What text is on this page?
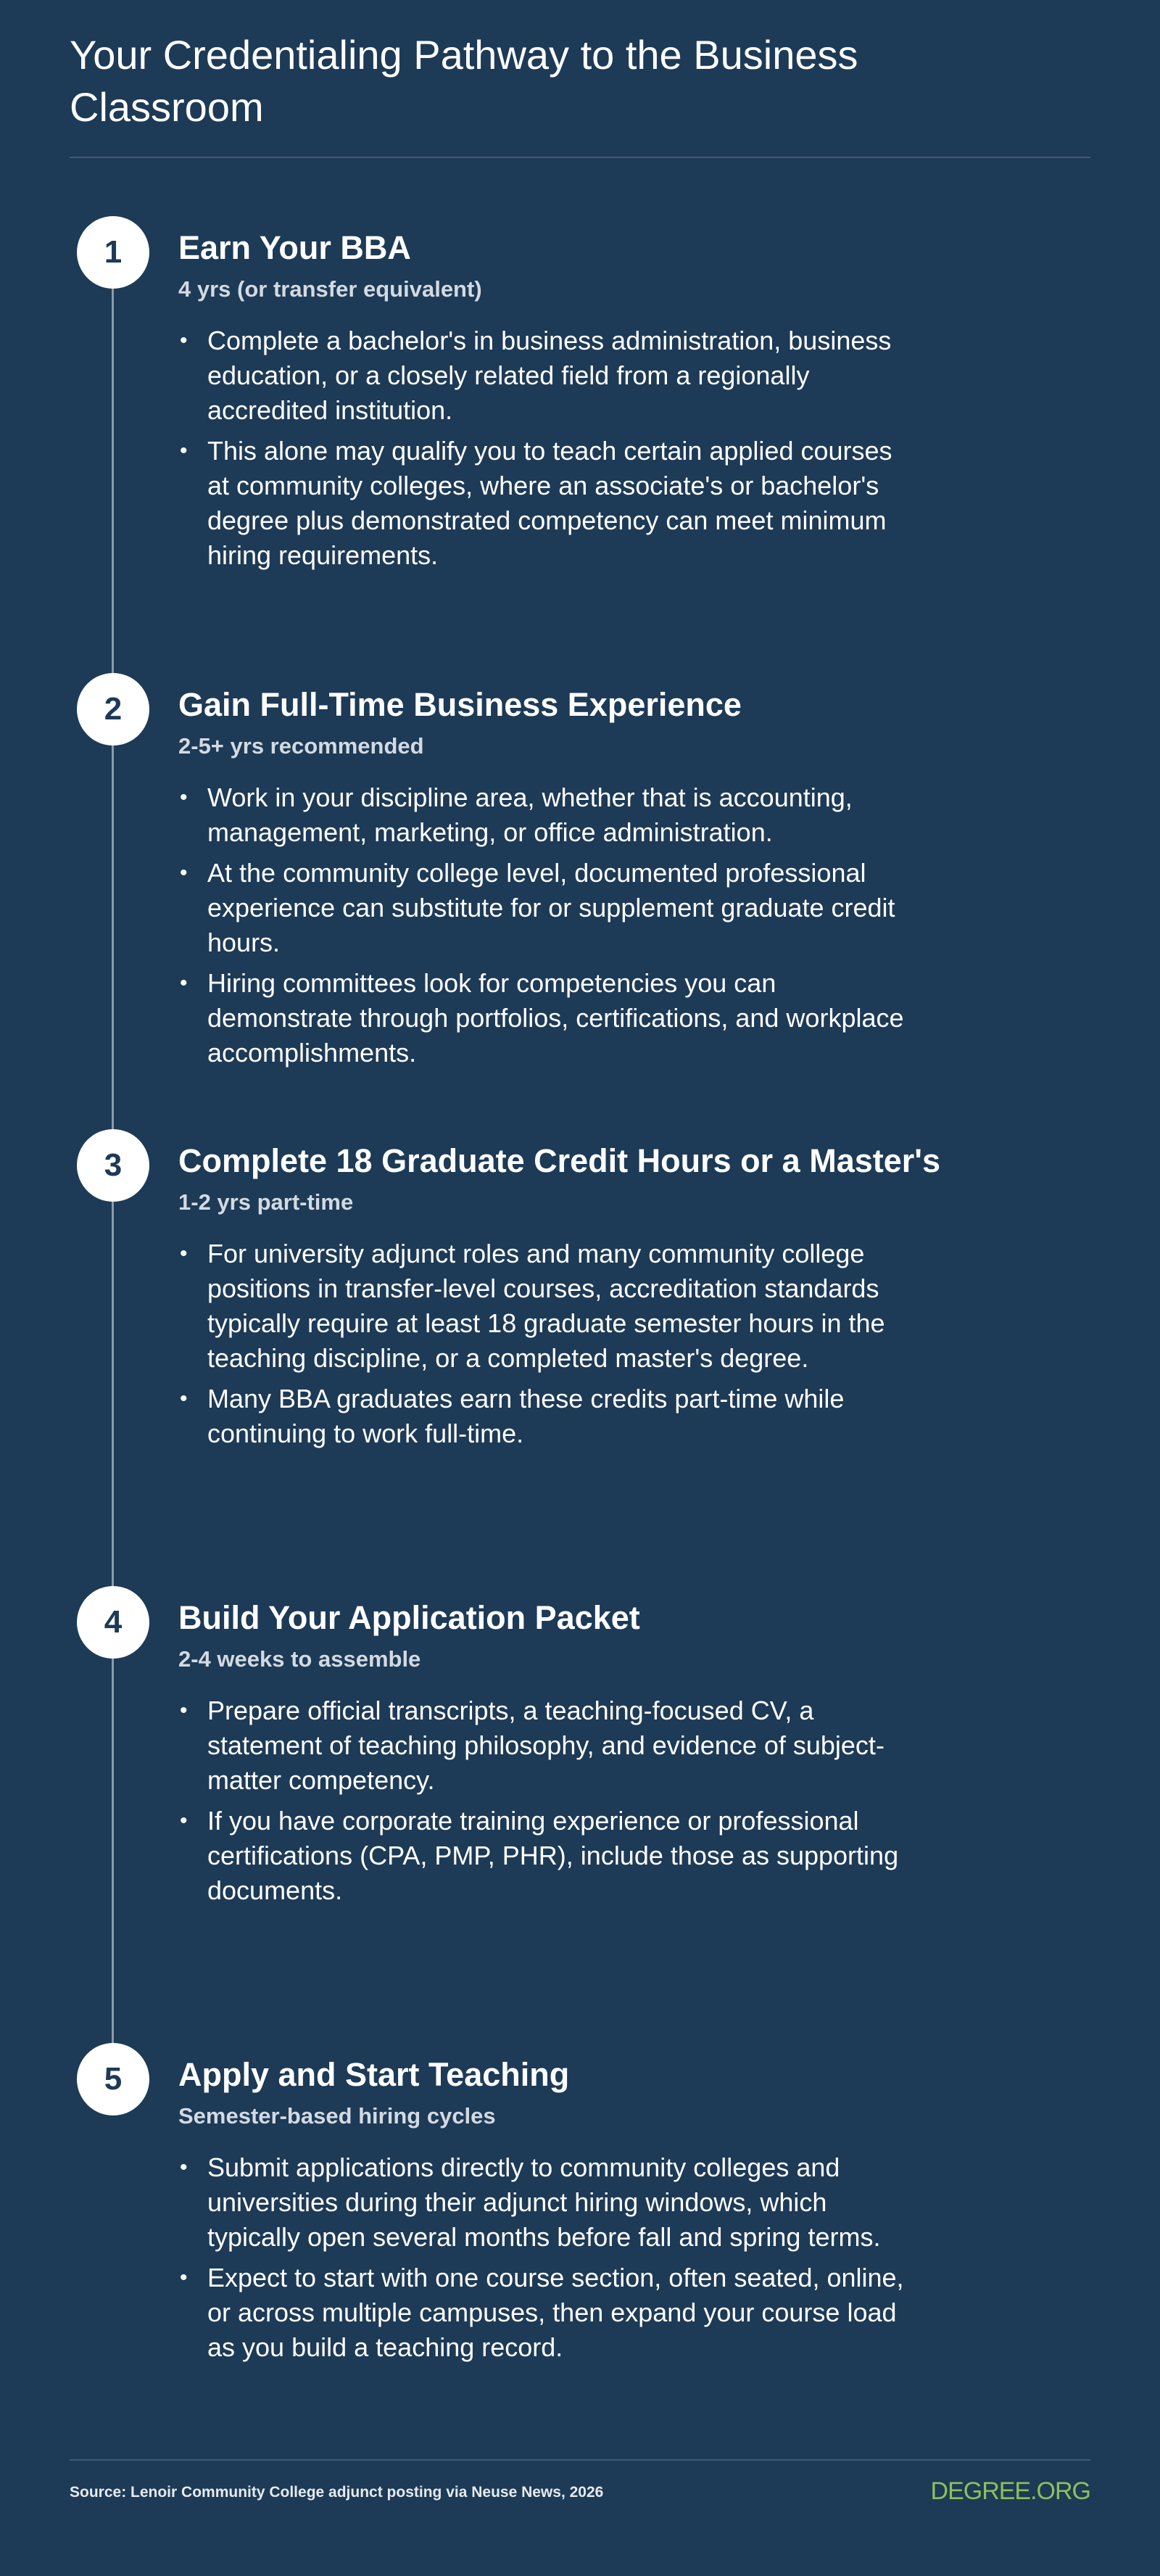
Your Credentialing Pathway to the Business Classroom
1	Earn Your BBA
4 yrs (or transfer equivalent)
• Complete a bachelor's in business administration, business education, or a closely related field from a regionally accredited institution.
• This alone may qualify you to teach certain applied courses at community colleges, where an associate's or bachelor's degree plus demonstrated competency can meet minimum hiring requirements.
2	Gain Full-Time Business Experience
2-5+ yrs recommended
• Work in your discipline area, whether that is accounting, management, marketing, or office administration.
• At the community college level, documented professional experience can substitute for or supplement graduate credit hours.
• Hiring committees look for competencies you can demonstrate through portfolios, certifications, and workplace accomplishments.
3	Complete 18 Graduate Credit Hours or a Master's
1-2 yrs part-time
• For university adjunct roles and many community college positions in transfer-level courses, accreditation standards typically require at least 18 graduate semester hours in the teaching discipline, or a completed master's degree.
• Many BBA graduates earn these credits part-time while continuing to work full-time.
4	Build Your Application Packet
2-4 weeks to assemble
• Prepare official transcripts, a teaching-focused CV, a statement of teaching philosophy, and evidence of subject-matter competency.
• If you have corporate training experience or professional certifications (CPA, PMP, PHR), include those as supporting documents.
5	Apply and Start Teaching
Semester-based hiring cycles
• Submit applications directly to community colleges and universities during their adjunct hiring windows, which typically open several months before fall and spring terms.
• Expect to start with one course section, often seated, online, or across multiple campuses, then expand your course load as you build a teaching record.
Source: Lenoir Community College adjunct posting via Neuse News, 2026	DEGREE.ORG
